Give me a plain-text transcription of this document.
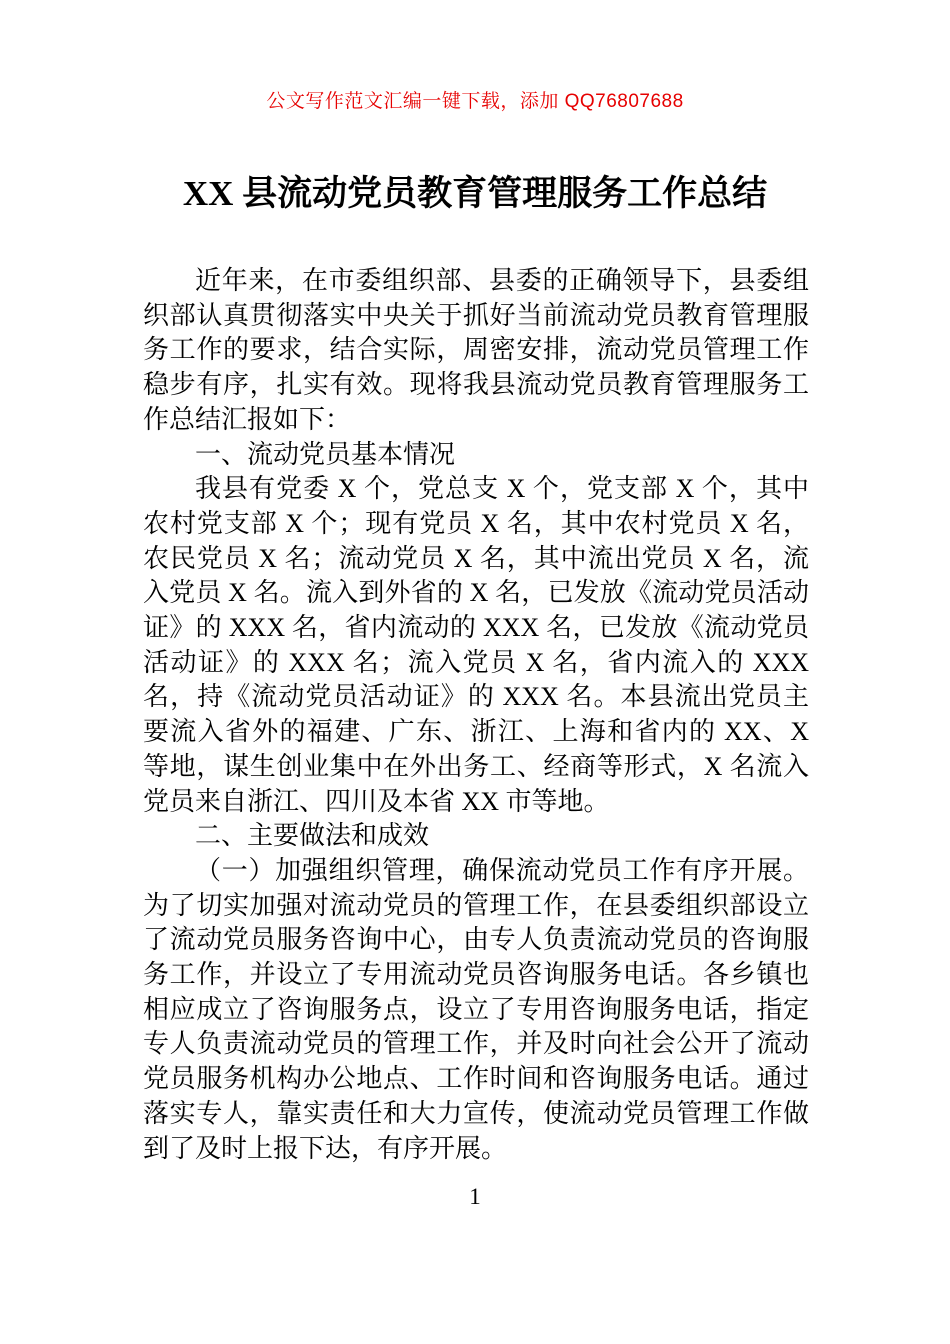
公文写作范文汇编一键下载，添加 QQ76807688
XX 县流动党员教育管理服务工作总结

近年来，在市委组织部、县委的正确领导下，县委组织部认真贯彻落实中央关于抓好当前流动党员教育管理服务工作的要求，结合实际，周密安排，流动党员管理工作稳步有序，扎实有效。现将我县流动党员教育管理服务工作总结汇报如下：

一、流动党员基本情况

我县有党委 X 个，党总支 X 个，党支部 X 个，其中农村党支部 X 个；现有党员 X 名，其中农村党员 X 名，农民党员 X 名；流动党员 X 名，其中流出党员 X 名，流入党员 X 名。流入到外省的 X 名，已发放《流动党员活动证》的 XXX 名，省内流动的 XXX 名，已发放《流动党员活动证》的 XXX 名；流入党员 X 名，省内流入的 XXX 名，持《流动党员活动证》的 XXX 名。本县流出党员主要流入省外的福建、广东、浙江、上海和省内的 XX、X 等地，谋生创业集中在外出务工、经商等形式，X 名流入党员来自浙江、四川及本省 XX 市等地。

二、主要做法和成效

（一）加强组织管理，确保流动党员工作有序开展。为了切实加强对流动党员的管理工作，在县委组织部设立了流动党员服务咨询中心，由专人负责流动党员的咨询服务工作，并设立了专用流动党员咨询服务电话。各乡镇也相应成立了咨询服务点，设立了专用咨询服务电话，指定专人负责流动党员的管理工作，并及时向社会公开了流动党员服务机构办公地点、工作时间和咨询服务电话。通过落实专人，靠实责任和大力宣传，使流动党员管理工作做到了及时上报下达，有序开展。

1
